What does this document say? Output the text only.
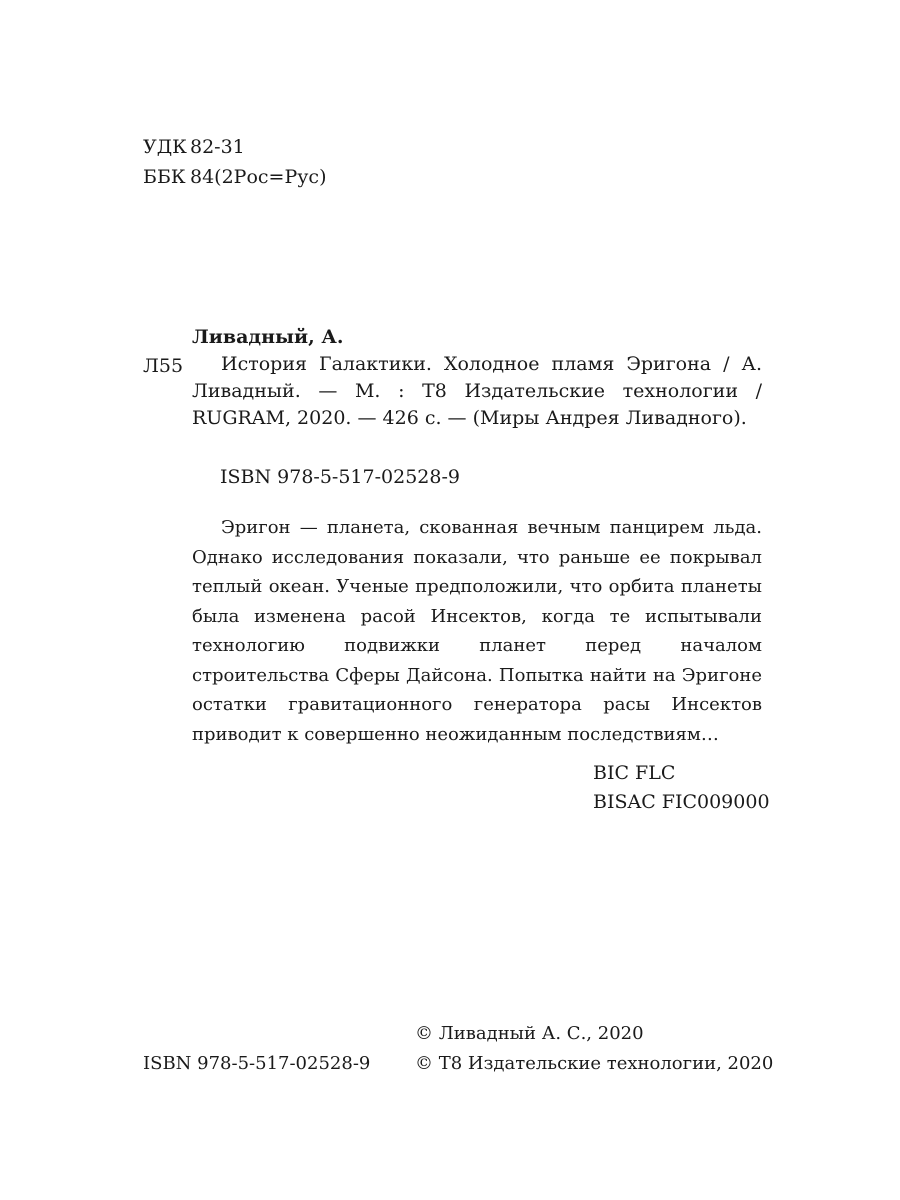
УДК 82-31
ББК 84(2Рос=Рус)
Ливадный, А.
Л55	История Галактики. Холодное пламя Эригона / А. Ливадный. — М. : T8 Издательские технологии / RUGRAM, 2020. — 426 с. — (Миры Андрея Ливадного).

ISBN 978-5-517-02528-9

Эригон — планета, скованная вечным панцирем льда. Однако исследования показали, что раньше ее покрывал теплый океан. Ученые предположили, что орбита планеты была изменена расой Инсектов, когда те испытывали технологию подвижки планет перед началом строительства Сферы Дайсона. Попытка найти на Эригоне остатки гравитационного генератора расы Инсектов приводит к совершенно неожиданным последствиям…

BIC FLC
BISAC FIC009000
© Ливадный А. С., 2020
© T8 Издательские технологии, 2020
ISBN 978-5-517-02528-9
